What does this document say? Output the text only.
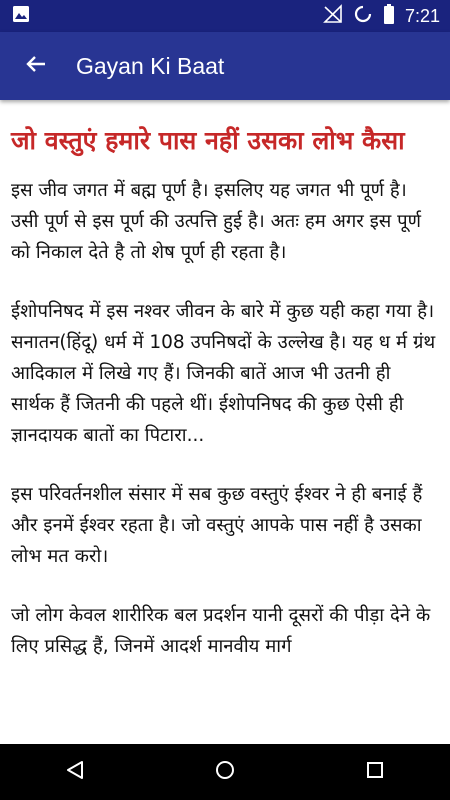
7:21
Gayan Ki Baat
जो वस्तुएं हमारे पास नहीं उसका लोभ कैसा

इस जीव जगत में बह्म पूर्ण है। इसलिए यह जगत भी पूर्ण है। उसी पूर्ण से इस पूर्ण की उत्पत्ति हुई है। अतः हम अगर इस पूर्ण को निकाल देते है तो शेष पूर्ण ही रहता है।

ईशोपनिषद में इस नश्वर जीवन के बारे में कुछ यही कहा गया है। सनातन(हिंदू) धर्म में 108 उपनिषदों के उल्लेख है। यह ध र्म ग्रंथ आदिकाल में लिखे गए हैं। जिनकी बातें आज भी उतनी ही सार्थक हैं जितनी की पहले थीं। ईशोपनिषद की कुछ ऐसी ही ज्ञानदायक बातों का पिटारा...

इस परिवर्तनशील संसार में सब कुछ वस्तुएं ईश्वर ने ही बनाई हैं और इनमें ईश्वर रहता है। जो वस्तुएं आपके पास नहीं है उसका लोभ मत करो।

जो लोग केवल शारीरिक बल प्रदर्शन यानी दूसरों की पीड़ा देने के लिए प्रसिद्ध हैं, जिनमें आदर्श मानवीय मार्ग
